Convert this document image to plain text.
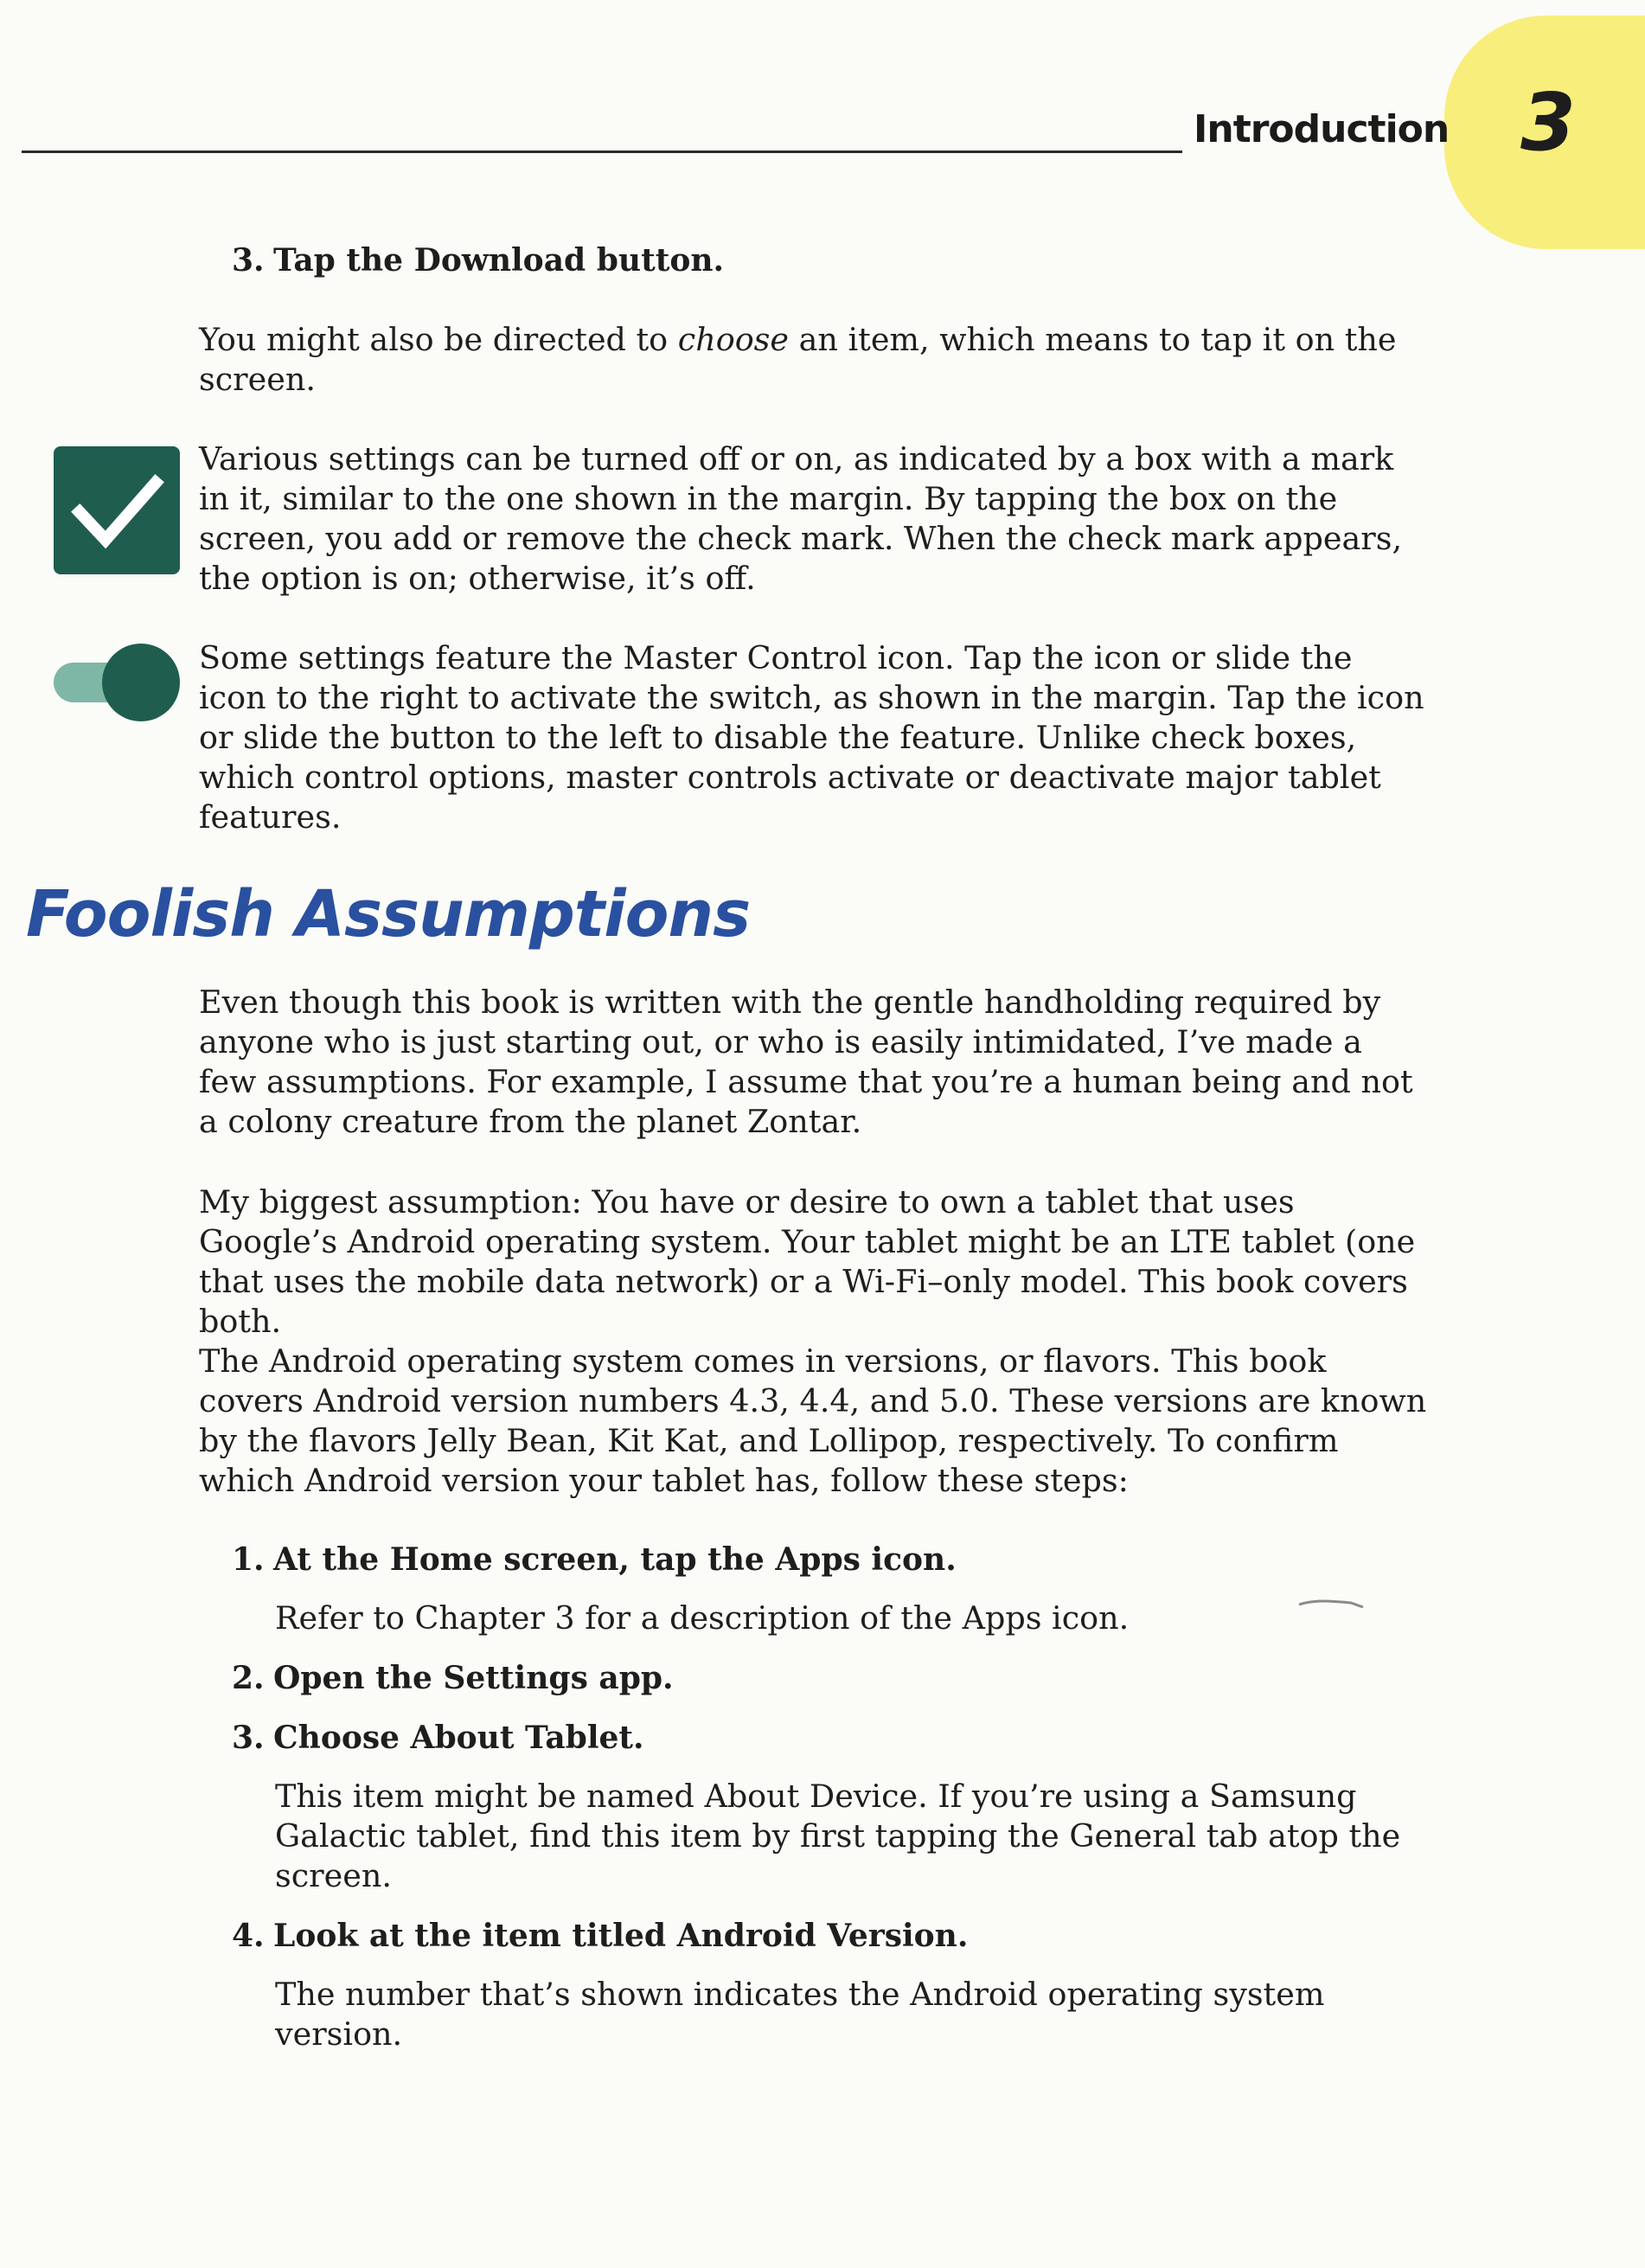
3
Introduction
3. Tap the Download button.

You might also be directed to choose an item, which means to tap it on the screen.

Various settings can be turned off or on, as indicated by a box with a mark in it, similar to the one shown in the margin. By tapping the box on the screen, you add or remove the check mark. When the check mark appears, the option is on; otherwise, it’s off.

Some settings feature the Master Control icon. Tap the icon or slide the icon to the right to activate the switch, as shown in the margin. Tap the icon or slide the button to the left to disable the feature. Unlike check boxes, which control options, master controls activate or deactivate major tablet features.

Foolish Assumptions

Even though this book is written with the gentle handholding required by anyone who is just starting out, or who is easily intimidated, I’ve made a few assumptions. For example, I assume that you’re a human being and not a colony creature from the planet Zontar.

My biggest assumption: You have or desire to own a tablet that uses Google’s Android operating system. Your tablet might be an LTE tablet (one that uses the mobile data network) or a Wi-Fi–only model. This book covers both.

The Android operating system comes in versions, or flavors. This book covers Android version numbers 4.3, 4.4, and 5.0. These versions are known by the flavors Jelly Bean, Kit Kat, and Lollipop, respectively. To confirm which Android version your tablet has, follow these steps:

1. At the Home screen, tap the Apps icon.

Refer to Chapter 3 for a description of the Apps icon.

2. Open the Settings app.
3. Choose About Tablet.

This item might be named About Device. If you’re using a Samsung Galactic tablet, find this item by first tapping the General tab atop the screen.

4. Look at the item titled Android Version.

The number that’s shown indicates the Android operating system version.
